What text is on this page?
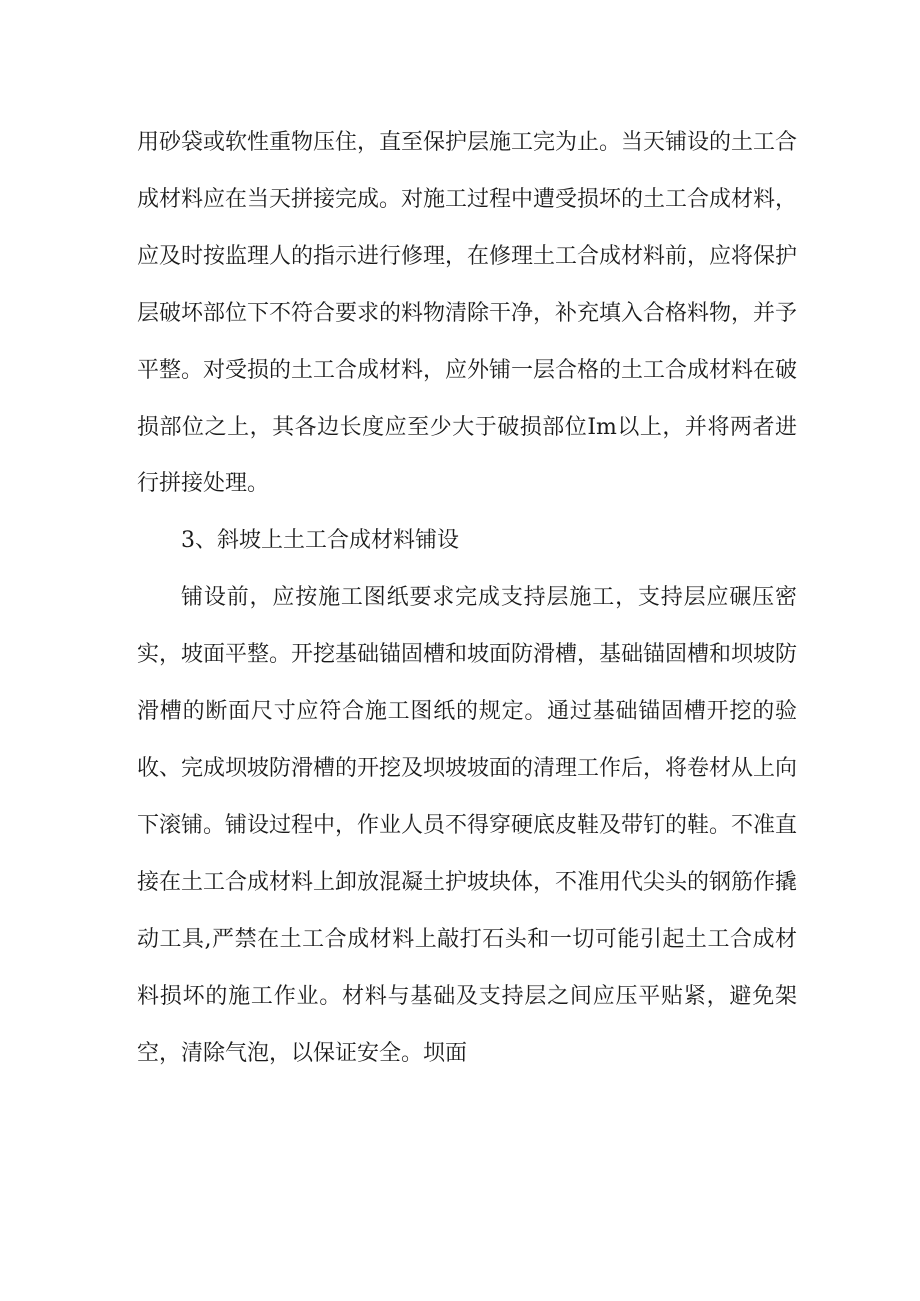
用砂袋或软性重物压住，直至保护层施工完为止。当天铺设的土工合成材料应在当天拼接完成。对施工过程中遭受损坏的土工合成材料，应及时按监理人的指示进行修理，在修理土工合成材料前，应将保护层破坏部位下不符合要求的料物清除干净，补充填入合格料物，并予平整。对受损的土工合成材料，应外铺一层合格的土工合成材料在破损部位之上，其各边长度应至少大于破损部位Im以上，并将两者进行拼接处理。

3、斜坡上土工合成材料铺设

铺设前，应按施工图纸要求完成支持层施工，支持层应碾压密实，坡面平整。开挖基础锚固槽和坡面防滑槽，基础锚固槽和坝坡防滑槽的断面尺寸应符合施工图纸的规定。通过基础锚固槽开挖的验收、完成坝坡防滑槽的开挖及坝坡坡面的清理工作后，将卷材从上向下滚铺。铺设过程中，作业人员不得穿硬底皮鞋及带钉的鞋。不准直接在土工合成材料上卸放混凝土护坡块体，不准用代尖头的钢筋作撬动工具,严禁在土工合成材料上敲打石头和一切可能引起土工合成材料损坏的施工作业。材料与基础及支持层之间应压平贴紧，避免架空，清除气泡，以保证安全。坝面
